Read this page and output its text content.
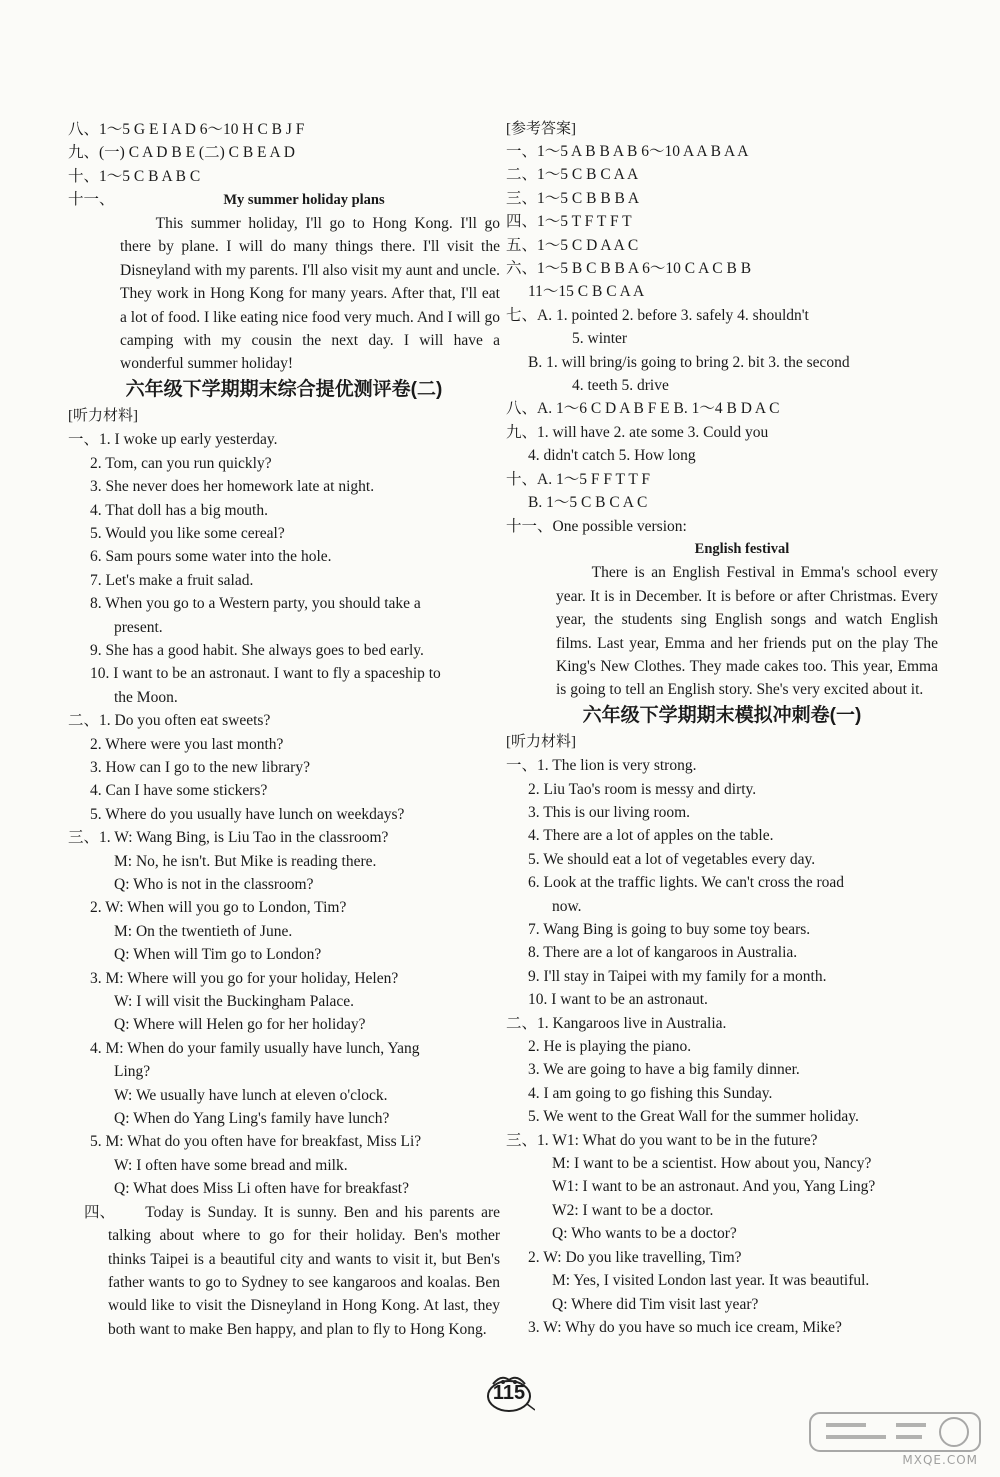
八、1～5 G E I A D 6～10 H C B J F
九、(一) C A D B E (二) C B E A D
十、1～5 C B A B C
十一、	My summer holiday plans
This summer holiday, I'll go to Hong Kong. I'll go there by plane. I will do many things there. I'll visit the Disneyland with my parents. I'll also visit my aunt and uncle. They work in Hong Kong for many years. After that, I'll eat a lot of food. I like eating nice food very much. And I will go camping with my cousin the next day. I will have a wonderful summer holiday!
六年级下学期期末综合提优测评卷(二)
[听力材料]
一、1. I woke up early yesterday.
2. Tom, can you run quickly?
3. She never does her homework late at night.
4. That doll has a big mouth.
5. Would you like some cereal?
6. Sam pours some water into the hole.
7. Let's make a fruit salad.
8. When you go to a Western party, you should take a
present.
9. She has a good habit. She always goes to bed early.
10. I want to be an astronaut. I want to fly a spaceship to
the Moon.
二、1. Do you often eat sweets?
2. Where were you last month?
3. How can I go to the new library?
4. Can I have some stickers?
5. Where do you usually have lunch on weekdays?
三、1. W: Wang Bing, is Liu Tao in the classroom?
M: No, he isn't. But Mike is reading there.
Q: Who is not in the classroom?
2. W: When will you go to London, Tim?
M: On the twentieth of June.
Q: When will Tim go to London?
3. M: Where will you go for your holiday, Helen?
W: I will visit the Buckingham Palace.
Q: Where will Helen go for her holiday?
4. M: When do your family usually have lunch, Yang
Ling?
W: We usually have lunch at eleven o'clock.
Q: When do Yang Ling's family have lunch?
5. M: What do you often have for breakfast, Miss Li?
W: I often have some bread and milk.
Q: What does Miss Li often have for breakfast?
四、	Today is Sunday. It is sunny. Ben and his parents are talking about where to go for their holiday. Ben's mother thinks Taipei is a beautiful city and wants to visit it, but Ben's father wants to go to Sydney to see kangaroos and koalas. Ben would like to visit the Disneyland in Hong Kong. At last, they both want to make Ben happy, and plan to fly to Hong Kong.
[参考答案]
一、1～5 A B B A B 6～10 A A B A A
二、1～5 C B C A A
三、1～5 C B B B A
四、1～5 T F T F T
五、1～5 C D A A C
六、1～5 B C B B A 6～10 C A C B B
11～15 C B C A A
七、A. 1. pointed 2. before 3. safely 4. shouldn't
5. winter
B. 1. will bring/is going to bring 2. bit 3. the second
4. teeth 5. drive
八、A. 1～6 C D A B F E B. 1～4 B D A C
九、1. will have 2. ate some 3. Could you
4. didn't catch 5. How long
十、A. 1～5 F F T T F
B. 1～5 C B C A C
十一、One possible version:
English festival
There is an English Festival in Emma's school every year. It is in December. It is before or after Christmas. Every year, the students sing English songs and watch English films. Last year, Emma and her friends put on the play The King's New Clothes. They made cakes too. This year, Emma is going to tell an English story. She's very excited about it.
六年级下学期期末模拟冲刺卷(一)
[听力材料]
一、1. The lion is very strong.
2. Liu Tao's room is messy and dirty.
3. This is our living room.
4. There are a lot of apples on the table.
5. We should eat a lot of vegetables every day.
6. Look at the traffic lights. We can't cross the road
now.
7. Wang Bing is going to buy some toy bears.
8. There are a lot of kangaroos in Australia.
9. I'll stay in Taipei with my family for a month.
10. I want to be an astronaut.
二、1. Kangaroos live in Australia.
2. He is playing the piano.
3. We are going to have a big family dinner.
4. I am going to go fishing this Sunday.
5. We went to the Great Wall for the summer holiday.
三、1. W1: What do you want to be in the future?
M: I want to be a scientist. How about you, Nancy?
W1: I want to be an astronaut. And you, Yang Ling?
W2: I want to be a doctor.
Q: Who wants to be a doctor?
2. W: Do you like travelling, Tim?
M: Yes, I visited London last year. It was beautiful.
Q: Where did Tim visit last year?
3. W: Why do you have so much ice cream, Mike?
115
MXQE.COM
